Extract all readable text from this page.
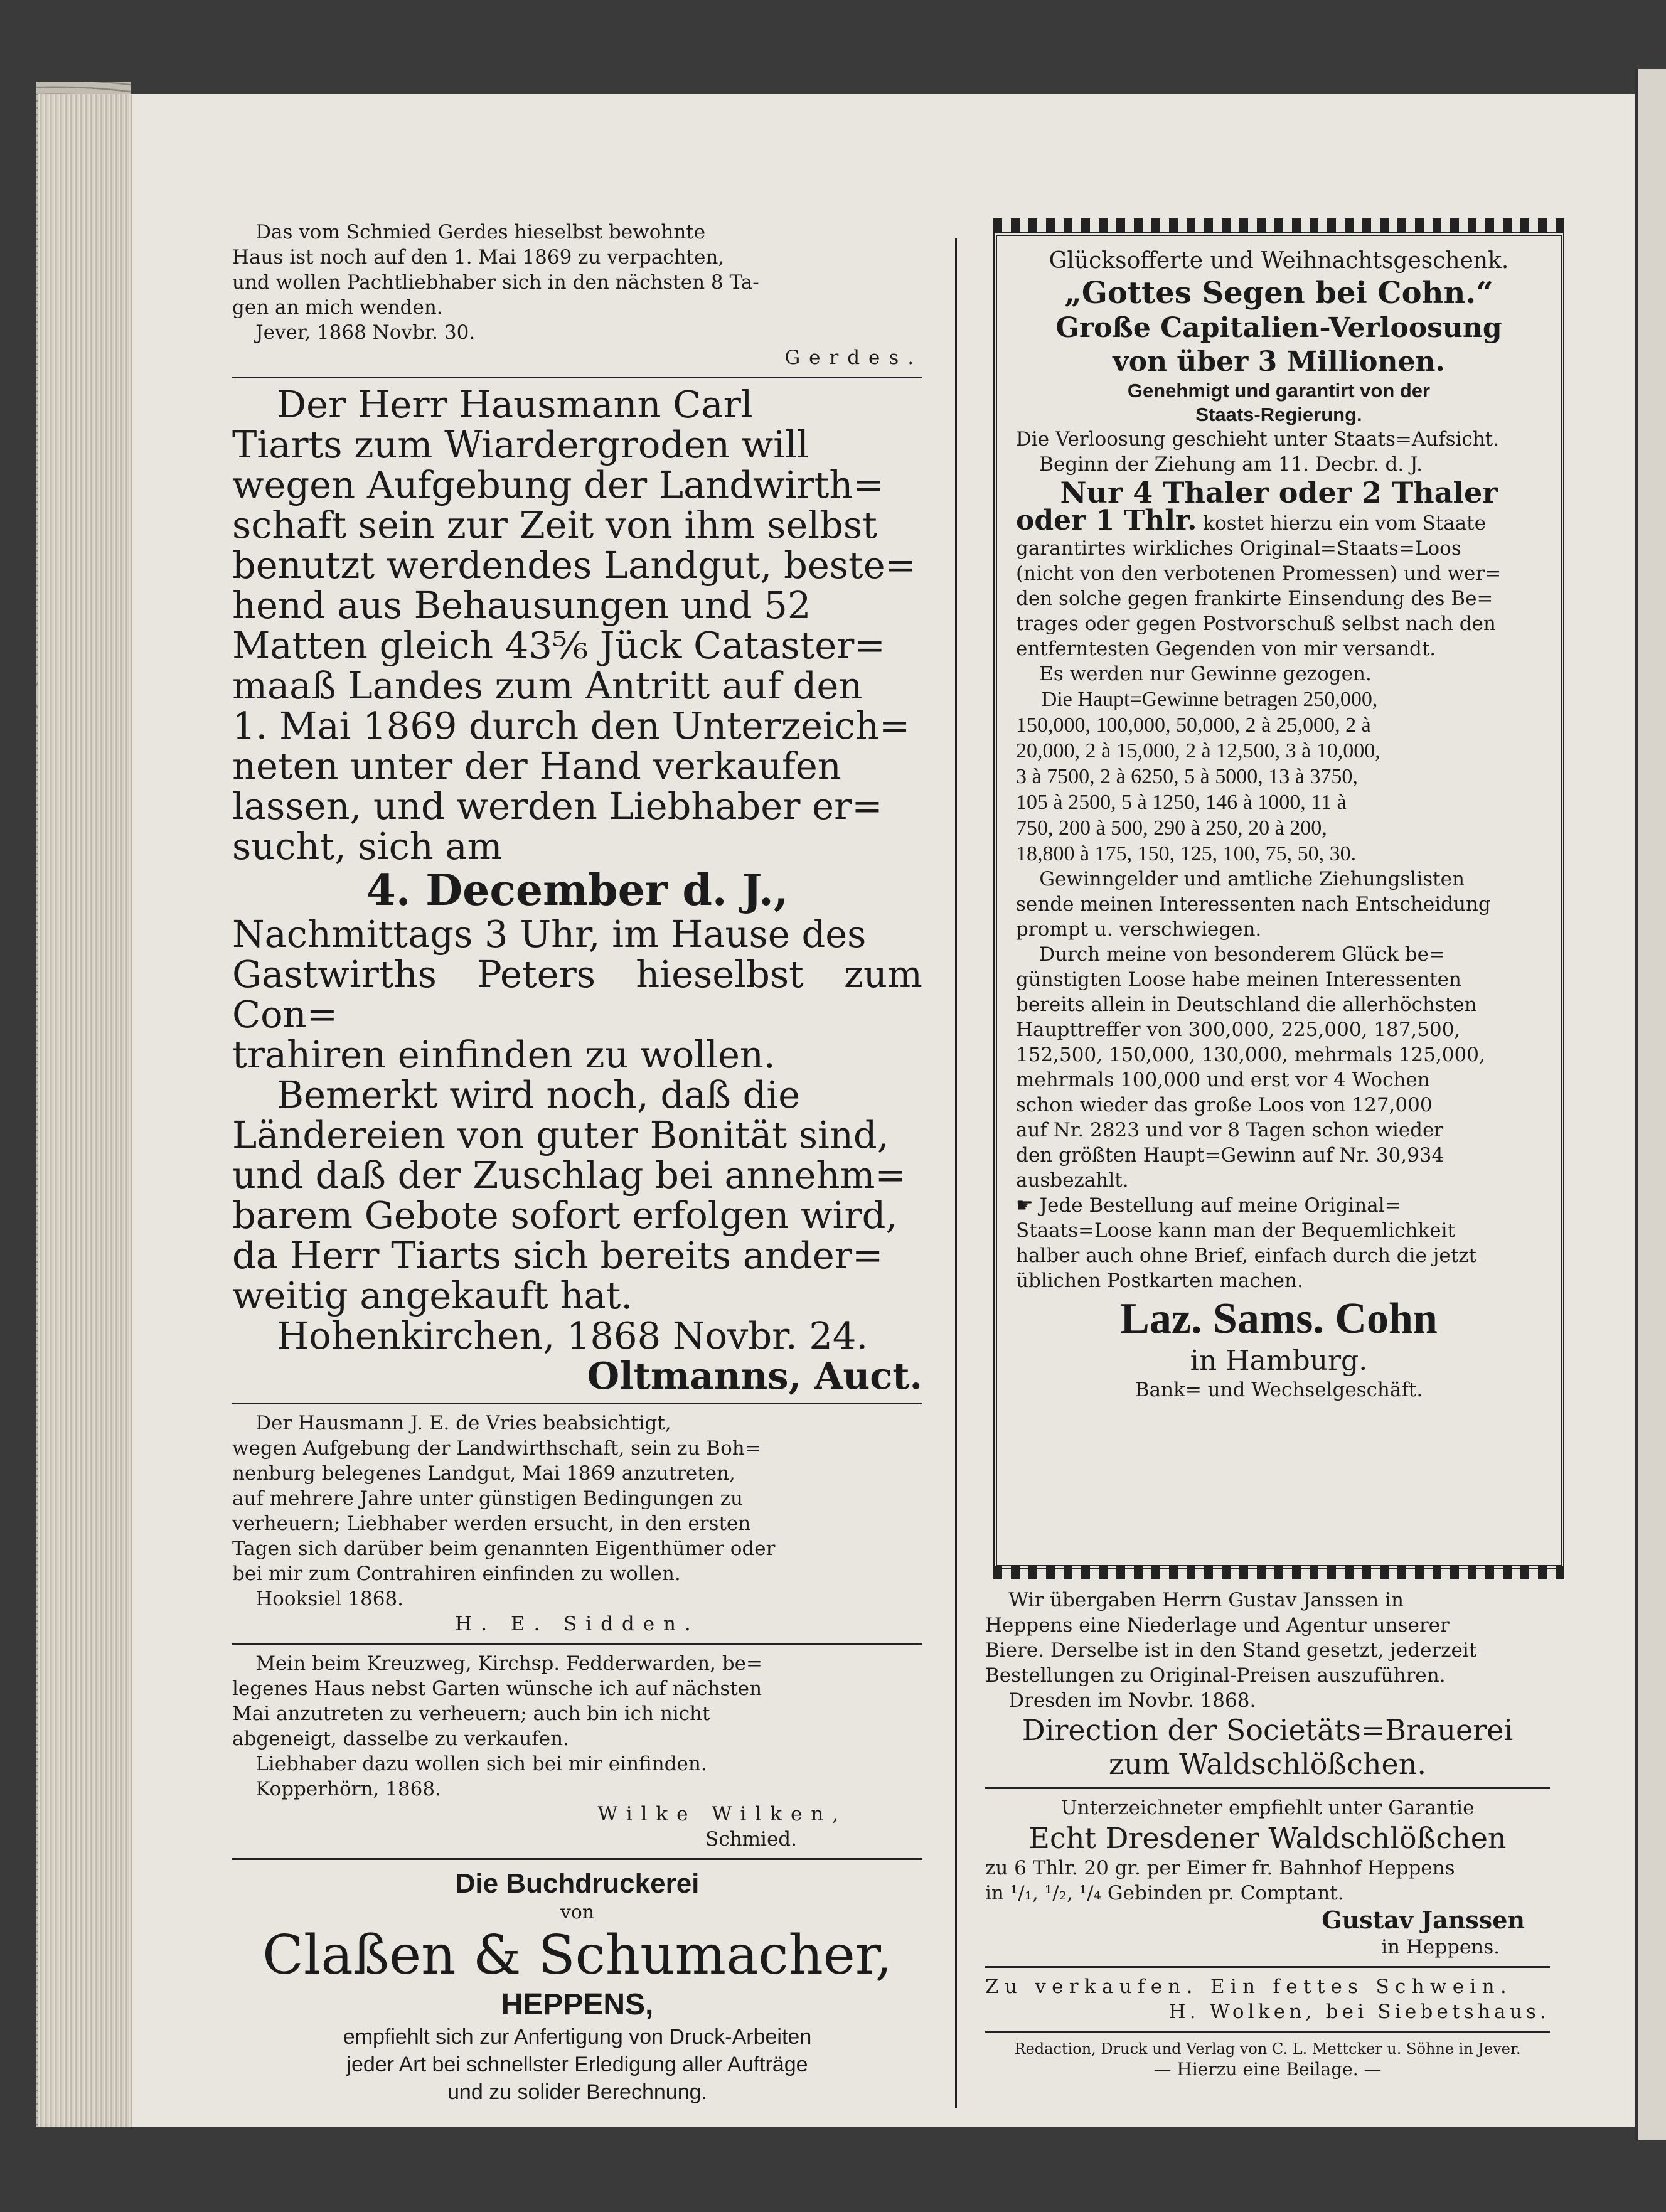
Das vom Schmied Gerdes hieselbst bewohnte

Haus ist noch auf den 1. Mai 1869 zu verpachten,

und wollen Pachtliebhaber sich in den nächsten 8 Ta-

gen an mich wenden.

Jever, 1868 Novbr. 30.

Gerdes.

Der Herr Hausmann Carl

Tiarts zum Wiardergroden will

wegen Aufgebung der Landwirth=

schaft sein zur Zeit von ihm selbst

benutzt werdendes Landgut, beste=

hend aus Behausungen und 52

Matten gleich 43⁵⁄₆ Jück Cataster=

maaß Landes zum Antritt auf den

1. Mai 1869 durch den Unterzeich=

neten unter der Hand verkaufen

lassen, und werden Liebhaber er=

sucht, sich am

4. December d. J.,

Nachmittags 3 Uhr, im Hause des

Gastwirths Peters hieselbst zum Con=

trahiren einfinden zu wollen.

Bemerkt wird noch, daß die

Ländereien von guter Bonität sind,

und daß der Zuschlag bei annehm=

barem Gebote sofort erfolgen wird,

da Herr Tiarts sich bereits ander=

weitig angekauft hat.

Hohenkirchen, 1868 Novbr. 24.

Oltmanns, Auct.

Der Hausmann J. E. de Vries beabsichtigt,

wegen Aufgebung der Landwirthschaft, sein zu Boh=

nenburg belegenes Landgut, Mai 1869 anzutreten,

auf mehrere Jahre unter günstigen Bedingungen zu

verheuern; Liebhaber werden ersucht, in den ersten

Tagen sich darüber beim genannten Eigenthümer oder

bei mir zum Contrahiren einfinden zu wollen.

Hooksiel 1868.

H. E. Sidden.

Mein beim Kreuzweg, Kirchsp. Fedderwarden, be=

legenes Haus nebst Garten wünsche ich auf nächsten

Mai anzutreten zu verheuern; auch bin ich nicht

abgeneigt, dasselbe zu verkaufen.

Liebhaber dazu wollen sich bei mir einfinden.

Kopperhörn, 1868.

Wilke Wilken,

Schmied.

Die Buchdruckerei

von

Claßen & Schumacher,

HEPPENS,

empfiehlt sich zur Anfertigung von Druck-Arbeiten

jeder Art bei schnellster Erledigung aller Aufträge

und zu solider Berechnung.

Glücksofferte und Weihnachtsgeschenk.
„Gottes Segen bei Cohn.“
Große Capitalien-Verloosung
von über 3 Millionen.
Genehmigt und garantirt von der
Staats-Regierung.

Die Verloosung geschieht unter Staats=Aufsicht.

Beginn der Ziehung am 11. Decbr. d. J.

Nur 4 Thaler oder 2 Thaler
oder 1 Thlr. kostet hierzu ein vom Staate

garantirtes wirkliches Original=Staats=Loos

(nicht von den verbotenen Promessen) und wer=

den solche gegen frankirte Einsendung des Be=

trages oder gegen Postvorschuß selbst nach den

entferntesten Gegenden von mir versandt.

Es werden nur Gewinne gezogen.

Die Haupt=Gewinne betragen 250,000,

150,000, 100,000, 50,000, 2 à 25,000, 2 à

20,000, 2 à 15,000, 2 à 12,500, 3 à 10,000,

3 à 7500, 2 à 6250, 5 à 5000, 13 à 3750,

105 à 2500, 5 à 1250, 146 à 1000, 11 à

750, 200 à 500, 290 à 250, 20 à 200,

18,800 à 175, 150, 125, 100, 75, 50, 30.

Gewinngelder und amtliche Ziehungslisten

sende meinen Interessenten nach Entscheidung

prompt u. verschwiegen.

Durch meine von besonderem Glück be=

günstigten Loose habe meinen Interessenten

bereits allein in Deutschland die allerhöchsten

Haupttreffer von 300,000, 225,000, 187,500,

152,500, 150,000, 130,000, mehrmals 125,000,

mehrmals 100,000 und erst vor 4 Wochen

schon wieder das große Loos von 127,000

auf Nr. 2823 und vor 8 Tagen schon wieder

den größten Haupt=Gewinn auf Nr. 30,934

ausbezahlt.

☛ Jede Bestellung auf meine Original=

Staats=Loose kann man der Bequemlichkeit

halber auch ohne Brief, einfach durch die jetzt

üblichen Postkarten machen.

Laz. Sams. Cohn
in Hamburg.
Bank= und Wechselgeschäft.

Wir übergaben Herrn Gustav Janssen in

Heppens eine Niederlage und Agentur unserer

Biere. Derselbe ist in den Stand gesetzt, jederzeit

Bestellungen zu Original-Preisen auszuführen.

Dresden im Novbr. 1868.

Direction der Societäts=Brauerei
zum Waldschlößchen.
Unterzeichneter empfiehlt unter Garantie
Echt Dresdener Waldschlößchen
zu 6 Thlr. 20 gr. per Eimer fr. Bahnhof Heppens
in ¹/₁, ¹/₂, ¹/₄ Gebinden pr. Comptant.
Gustav Janssen
in Heppens.
Zu verkaufen. Ein fettes Schwein.
H. Wolken, bei Siebetshaus.
Redaction, Druck und Verlag von C. L. Mettcker u. Söhne in Jever.
— Hierzu eine Beilage. —
